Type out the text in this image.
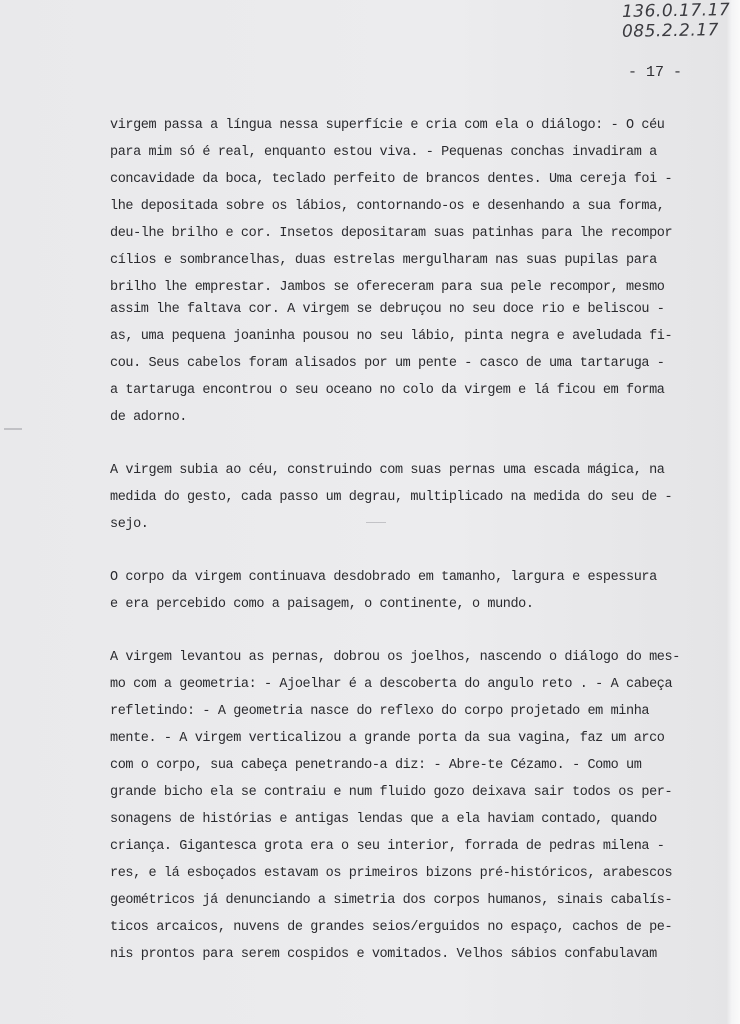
136.0.17.17
085.2.2.17
- 17 -
virgem passa a língua nessa superfície e cria com ela o diálogo: - O céu
para mim só é real, enquanto estou viva. - Pequenas conchas invadiram a
concavidade da boca, teclado perfeito de brancos dentes. Uma cereja foi -
lhe depositada sobre os lábios, contornando-os e desenhando a sua forma,
deu-lhe brilho e cor. Insetos depositaram suas patinhas para lhe recompor
cílios e sombrancelhas, duas estrelas mergulharam nas suas pupilas para
brilho lhe emprestar. Jambos se ofereceram para sua pele recompor, mesmo
assim lhe faltava cor. A virgem se debruçou no seu doce rio e beliscou -
as, uma pequena joaninha pousou no seu lábio, pinta negra e aveludada fi-
cou. Seus cabelos foram alisados por um pente - casco de uma tartaruga -
a tartaruga encontrou o seu oceano no colo da virgem e lá ficou em forma
de adorno.
A virgem subia ao céu, construindo com suas pernas uma escada mágica, na
medida do gesto, cada passo um degrau, multiplicado na medida do seu de -
sejo.
O corpo da virgem continuava desdobrado em tamanho, largura e espessura
e era percebido como a paisagem, o continente, o mundo.
A virgem levantou as pernas, dobrou os joelhos, nascendo o diálogo do mes-
mo com a geometria: - Ajoelhar é a descoberta do angulo reto . - A cabeça
refletindo: - A geometria nasce do reflexo do corpo projetado em minha
mente. - A virgem verticalizou a grande porta da sua vagina, faz um arco
com o corpo, sua cabeça penetrando-a diz: - Abre-te Cézamo. - Como um
grande bicho ela se contraiu e num fluido gozo deixava sair todos os per-
sonagens de histórias e antigas lendas que a ela haviam contado, quando
criança. Gigantesca grota era o seu interior, forrada de pedras milena -
res, e lá esboçados estavam os primeiros bizons pré-históricos, arabescos
geométricos já denunciando a simetria dos corpos humanos, sinais cabalís-
ticos arcaicos, nuvens de grandes seios/erguidos no espaço, cachos de pe-
nis prontos para serem cospidos e vomitados. Velhos sábios confabulavam
